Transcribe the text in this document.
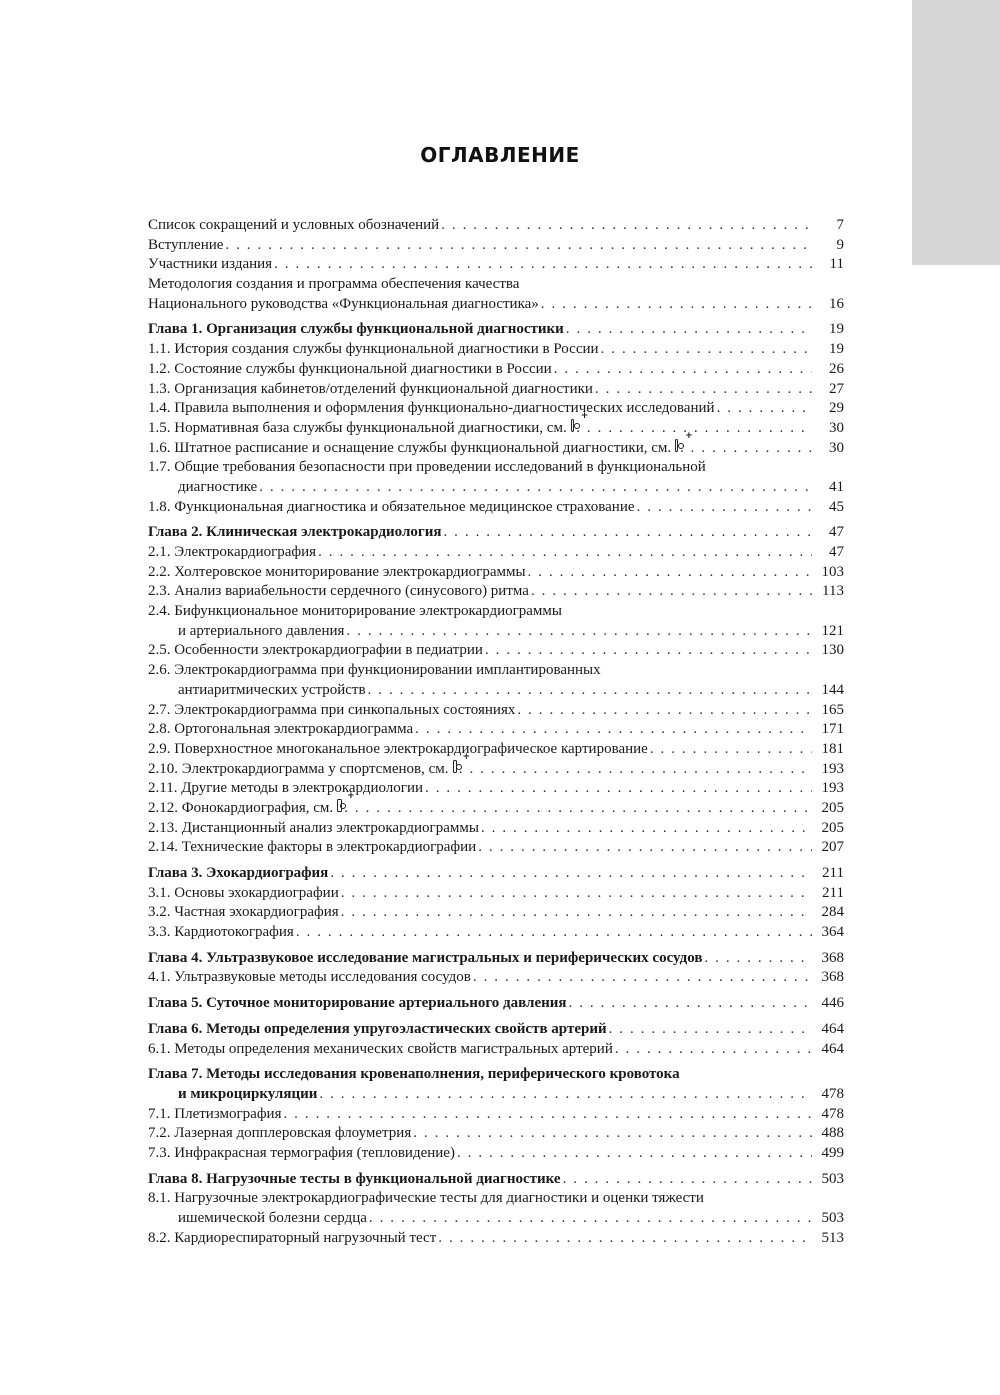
ОГЛАВЛЕНИЕ
Список сокращений и условных обозначений . . .	7
Вступление . . .	9
Участники издания . . .	11
Методология создания и программа обеспечения качества
Национального руководства «Функциональная диагностика» . . .	16
Глава 1. Организация службы функциональной диагностики . . .	19
1.1. История создания службы функциональной диагностики в России . . .	19
1.2. Состояние службы функциональной диагностики в России . . .	26
1.3. Организация кабинетов/отделений функциональной диагностики . . .	27
1.4. Правила выполнения и оформления функционально-диагностических исследований . . .	29
1.5. Нормативная база службы функциональной диагностики, см. + . . .	30
1.6. Штатное расписание и оснащение службы функциональной диагностики, см. + . . .	30
1.7. Общие требования безопасности при проведении исследований в функциональной
диагностике . . .	41
1.8. Функциональная диагностика и обязательное медицинское страхование . . .	45
Глава 2. Клиническая электрокардиология . . .	47
2.1. Электрокардиография . . .	47
2.2. Холтеровское мониторирование электрокардиограммы . . .	103
2.3. Анализ вариабельности сердечного (синусового) ритма . . .	113
2.4. Бифункциональное мониторирование электрокардиограммы
и артериального давления . . .	121
2.5. Особенности электрокардиографии в педиатрии . . .	130
2.6. Электрокардиограмма при функционировании имплантированных
антиаритмических устройств . . .	144
2.7. Электрокардиограмма при синкопальных состояниях . . .	165
2.8. Ортогональная электрокардиограмма . . .	171
2.9. Поверхностное многоканальное электрокардиографическое картирование . . .	181
2.10. Электрокардиограмма у спортсменов, см. + . . .	193
2.11. Другие методы в электрокардиологии . . .	193
2.12. Фонокардиография, см. + . . .	205
2.13. Дистанционный анализ электрокардиограммы . . .	205
2.14. Технические факторы в электрокардиографии . . .	207
Глава 3. Эхокардиография . . .	211
3.1. Основы эхокардиографии . . .	211
3.2. Частная эхокардиография . . .	284
3.3. Кардиотокография . . .	364
Глава 4. Ультразвуковое исследование магистральных и периферических сосудов . . .	368
4.1. Ультразвуковые методы исследования сосудов . . .	368
Глава 5. Суточное мониторирование артериального давления . . .	446
Глава 6. Методы определения упругоэластических свойств артерий . . .	464
6.1. Методы определения механических свойств магистральных артерий . . .	464
Глава 7. Методы исследования кровенаполнения, периферического кровотока
и микроциркуляции . . .	478
7.1. Плетизмография . . .	478
7.2. Лазерная допплеровская флоуметрия . . .	488
7.3. Инфракрасная термография (тепловидение) . . .	499
Глава 8. Нагрузочные тесты в функциональной диагностике . . .	503
8.1. Нагрузочные электрокардиографические тесты для диагностики и оценки тяжести
ишемической болезни сердца . . .	503
8.2. Кардиореспираторный нагрузочный тест . . .	513
